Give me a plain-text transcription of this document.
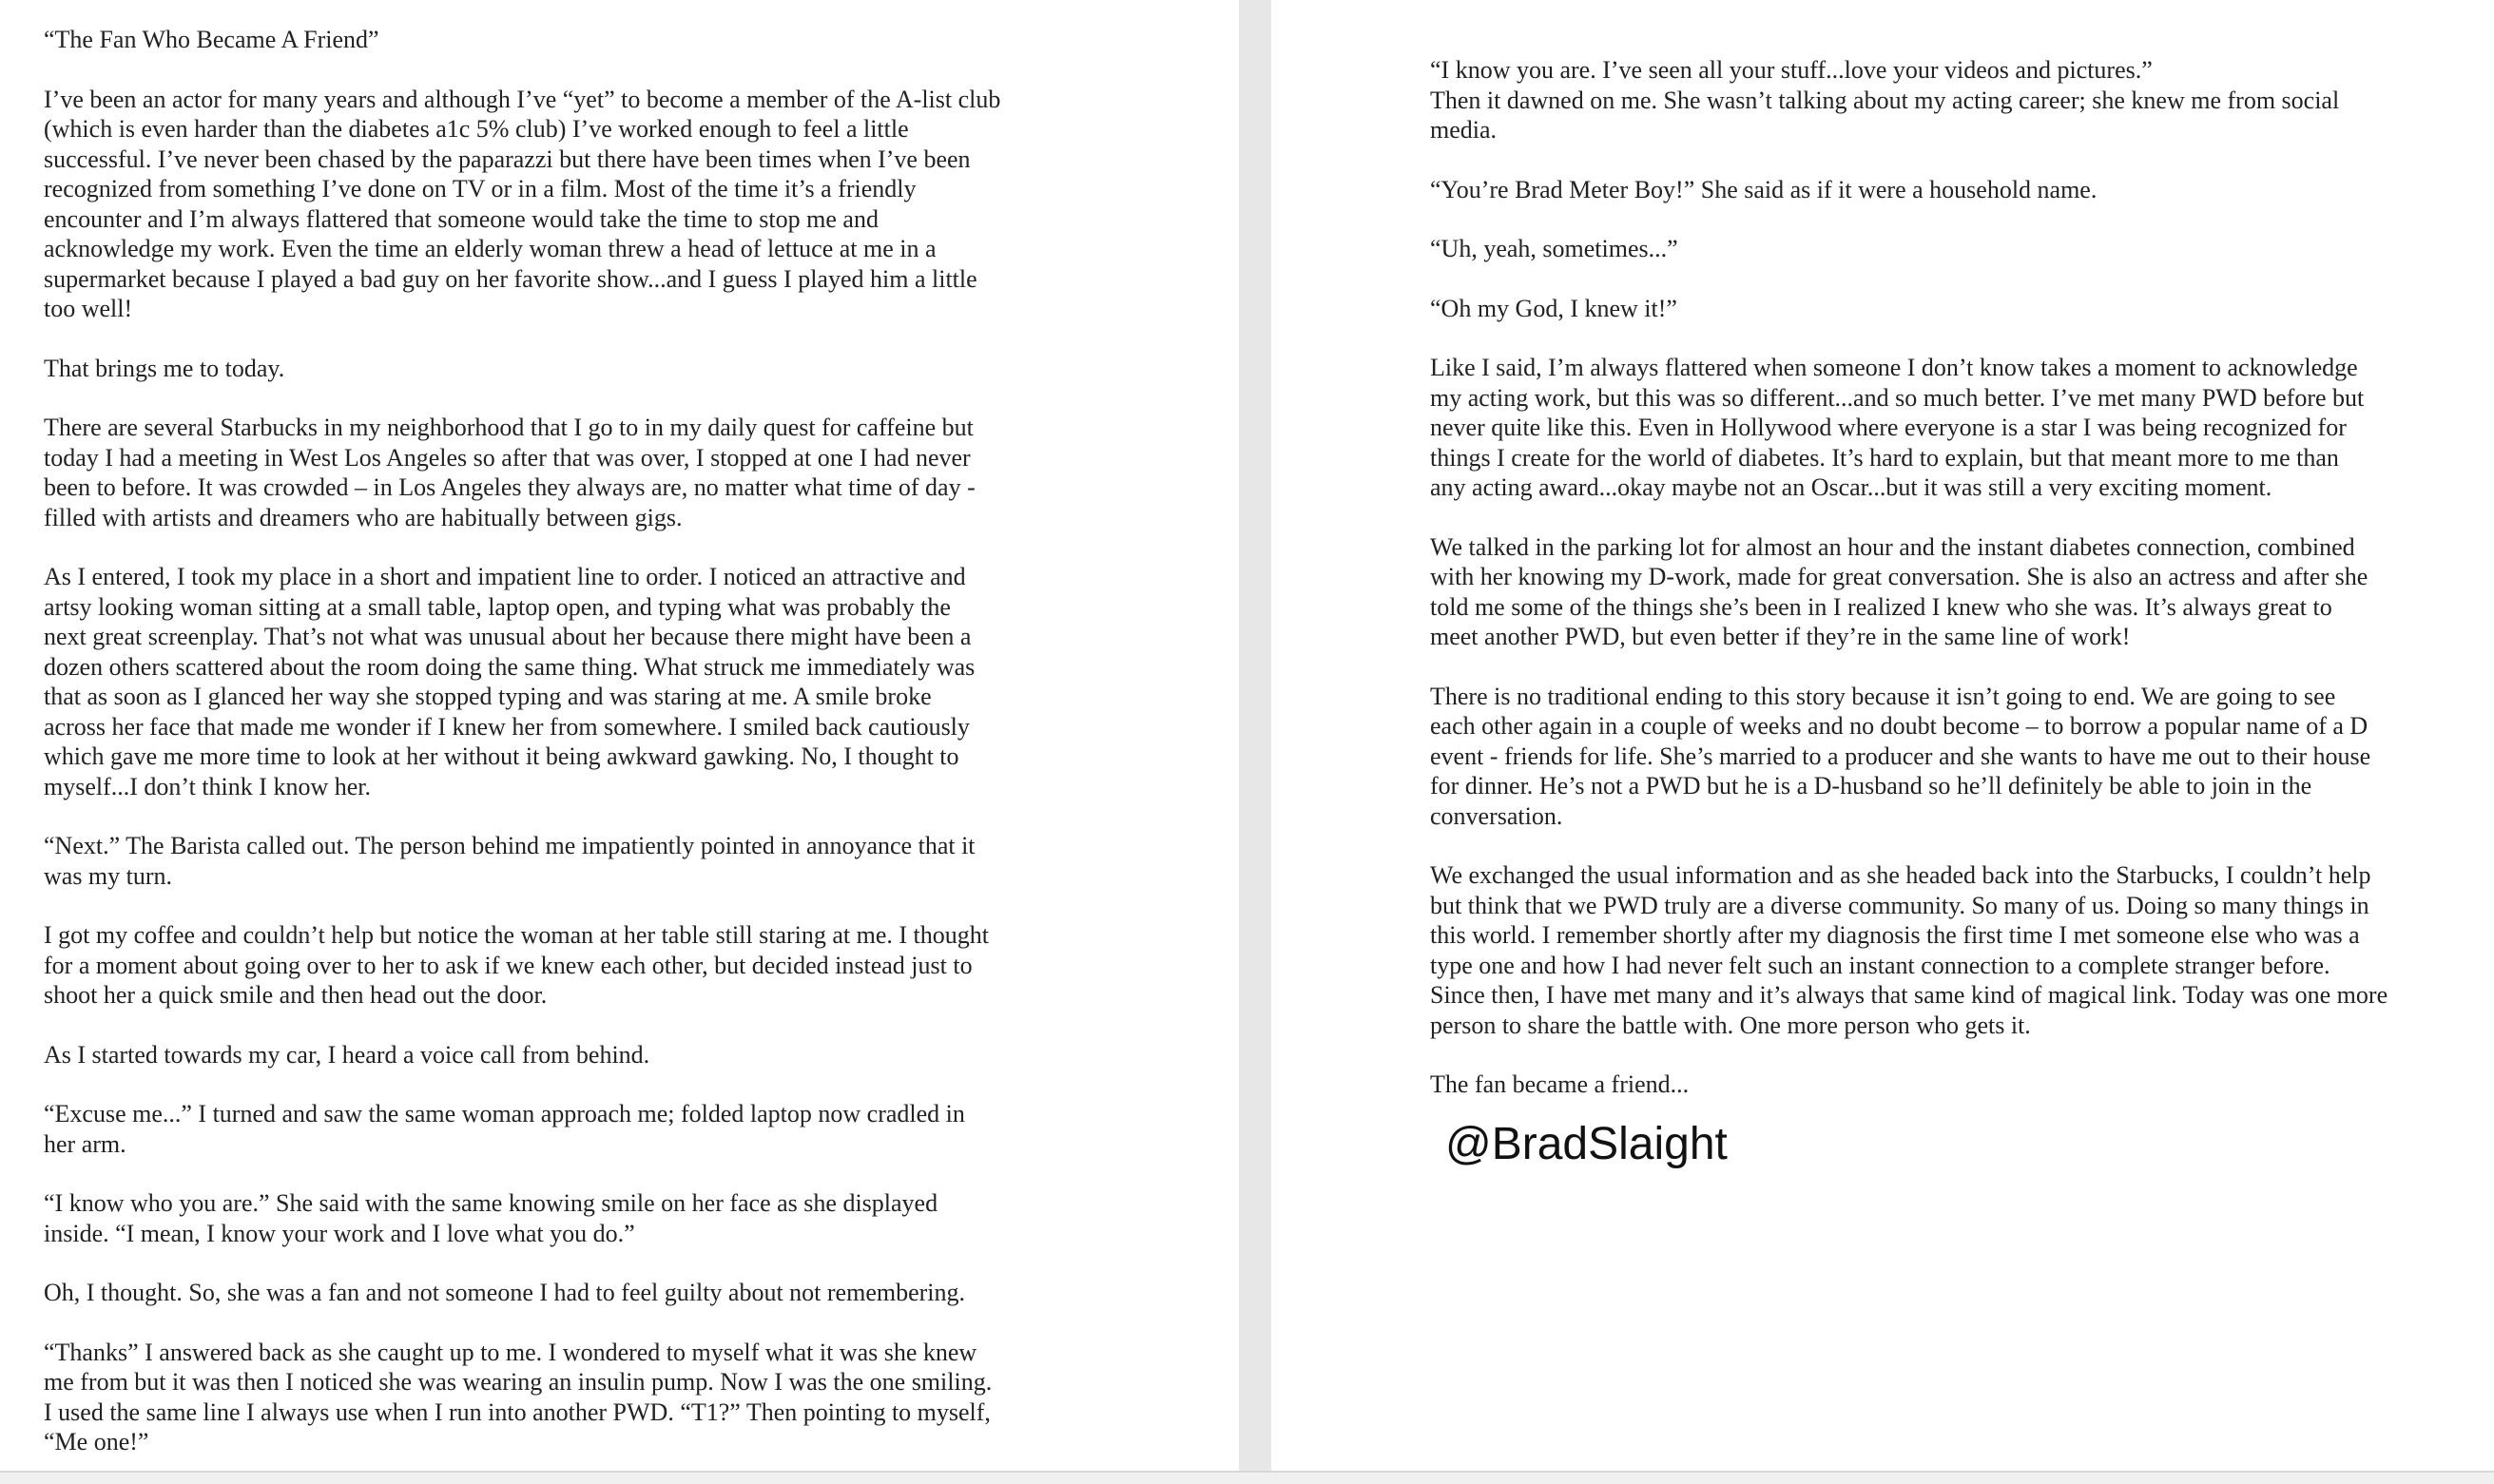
“The Fan Who Became A Friend”

I’ve been an actor for many years and although I’ve “yet” to become a member of the A-list club
(which is even harder than the diabetes a1c 5% club) I’ve worked enough to feel a little
successful. I’ve never been chased by the paparazzi but there have been times when I’ve been
recognized from something I’ve done on TV or in a film. Most of the time it’s a friendly
encounter and I’m always flattered that someone would take the time to stop me and
acknowledge my work. Even the time an elderly woman threw a head of lettuce at me in a
supermarket because I played a bad guy on her favorite show...and I guess I played him a little
too well!

That brings me to today.

There are several Starbucks in my neighborhood that I go to in my daily quest for caffeine but
today I had a meeting in West Los Angeles so after that was over, I stopped at one I had never
been to before. It was crowded – in Los Angeles they always are, no matter what time of day -
filled with artists and dreamers who are habitually between gigs.

As I entered, I took my place in a short and impatient line to order. I noticed an attractive and
artsy looking woman sitting at a small table, laptop open, and typing what was probably the
next great screenplay. That’s not what was unusual about her because there might have been a
dozen others scattered about the room doing the same thing. What struck me immediately was
that as soon as I glanced her way she stopped typing and was staring at me. A smile broke
across her face that made me wonder if I knew her from somewhere. I smiled back cautiously
which gave me more time to look at her without it being awkward gawking. No, I thought to
myself...I don’t think I know her.

“Next.” The Barista called out. The person behind me impatiently pointed in annoyance that it
was my turn.

I got my coffee and couldn’t help but notice the woman at her table still staring at me. I thought
for a moment about going over to her to ask if we knew each other, but decided instead just to
shoot her a quick smile and then head out the door.

As I started towards my car, I heard a voice call from behind.

“Excuse me...” I turned and saw the same woman approach me; folded laptop now cradled in
her arm.

“I know who you are.” She said with the same knowing smile on her face as she displayed
inside. “I mean, I know your work and I love what you do.”

Oh, I thought. So, she was a fan and not someone I had to feel guilty about not remembering.

“Thanks” I answered back as she caught up to me. I wondered to myself what it was she knew
me from but it was then I noticed she was wearing an insulin pump. Now I was the one smiling.
I used the same line I always use when I run into another PWD. “T1?” Then pointing to myself,
“Me one!”

“I know you are. I’ve seen all your stuff...love your videos and pictures.”
Then it dawned on me. She wasn’t talking about my acting career; she knew me from social
media.

“You’re Brad Meter Boy!” She said as if it were a household name.

“Uh, yeah, sometimes...”

“Oh my God, I knew it!”

Like I said, I’m always flattered when someone I don’t know takes a moment to acknowledge
my acting work, but this was so different...and so much better. I’ve met many PWD before but
never quite like this. Even in Hollywood where everyone is a star I was being recognized for
things I create for the world of diabetes. It’s hard to explain, but that meant more to me than
any acting award...okay maybe not an Oscar...but it was still a very exciting moment.

We talked in the parking lot for almost an hour and the instant diabetes connection, combined
with her knowing my D-work, made for great conversation. She is also an actress and after she
told me some of the things she’s been in I realized I knew who she was. It’s always great to
meet another PWD, but even better if they’re in the same line of work!

There is no traditional ending to this story because it isn’t going to end. We are going to see
each other again in a couple of weeks and no doubt become – to borrow a popular name of a D
event - friends for life. She’s married to a producer and she wants to have me out to their house
for dinner. He’s not a PWD but he is a D-husband so he’ll definitely be able to join in the
conversation.

We exchanged the usual information and as she headed back into the Starbucks, I couldn’t help
but think that we PWD truly are a diverse community. So many of us. Doing so many things in
this world. I remember shortly after my diagnosis the first time I met someone else who was a
type one and how I had never felt such an instant connection to a complete stranger before.
Since then, I have met many and it’s always that same kind of magical link. Today was one more
person to share the battle with. One more person who gets it.

The fan became a friend...

@BradSlaight
